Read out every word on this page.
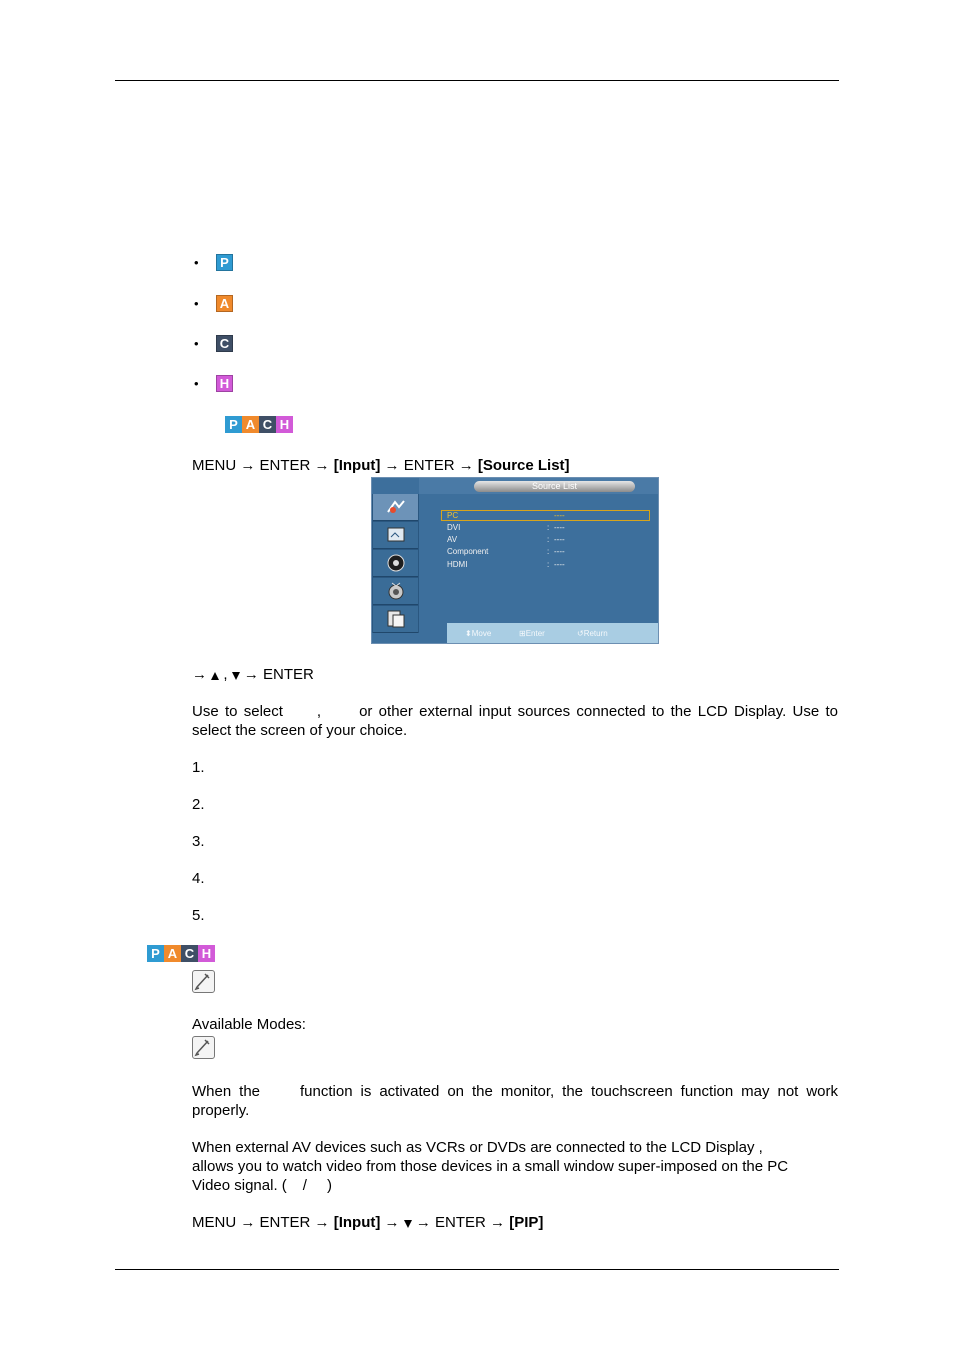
•	P
• A
• C
• H
P A C H
MENU → ENTER → [Input] → ENTER → [Source List]
Source List
PC	----
DVI	: ----
AV	: ----
Component	: ----
HDMI	: ----
⬍ Move	⊞ Enter	↺ Return
→  ,  → ENTER
Use to select ,	or other external input sources connected to the LCD Display. Use to select the screen of your choice.
1.
2.
3.
4.
5.
P A C H
Available Modes:
When the	function is activated on the monitor, the touchscreen function may not work properly.
When external AV devices such as VCRs or DVDs are connected to the LCD Display ,
allows you to watch video from those devices in a small window super-imposed on the PC
Video signal. ( / )
MENU → ENTER → [Input] →  → ENTER → [PIP]
